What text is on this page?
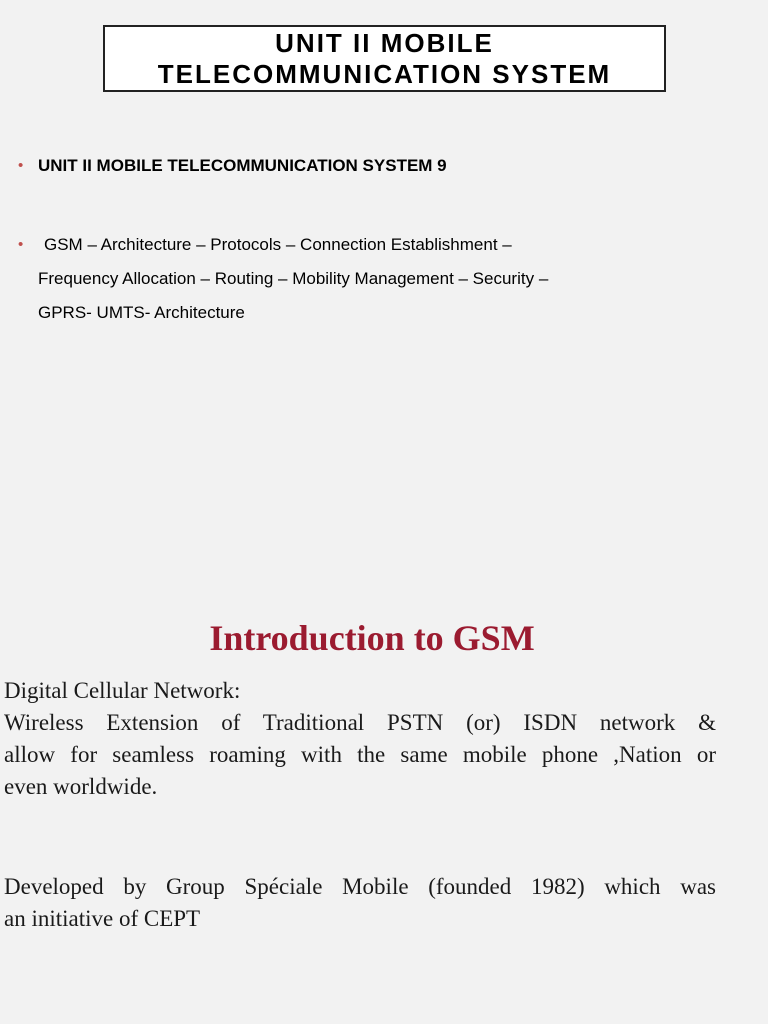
UNIT II MOBILE
TELECOMMUNICATION SYSTEM
• UNIT II MOBILE TELECOMMUNICATION SYSTEM 9
• GSM – Architecture – Protocols – Connection Establishment –
Frequency Allocation – Routing – Mobility Management – Security –
GPRS- UMTS- Architecture
Introduction to GSM
Digital Cellular Network:
Wireless Extension of Traditional PSTN (or) ISDN network &
allow for seamless roaming with the same mobile phone ,Nation or
even worldwide.
Developed by Group Spéciale Mobile (founded 1982) which was
an initiative of CEPT
